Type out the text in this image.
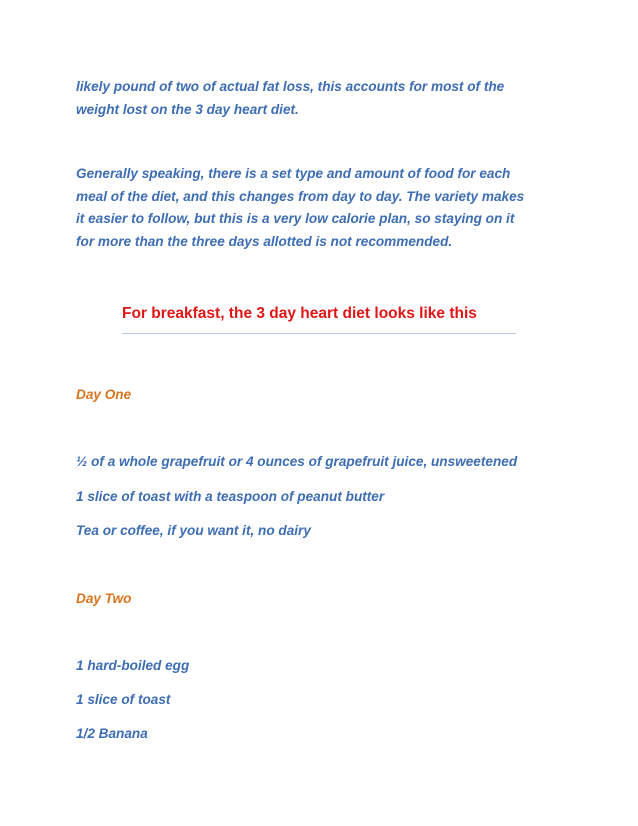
likely pound of two of actual fat loss, this accounts for most of the
weight lost on the 3 day heart diet.

Generally speaking, there is a set type and amount of food for each
meal of the diet, and this changes from day to day. The variety makes
it easier to follow, but this is a very low calorie plan, so staying on it
for more than the three days allotted is not recommended.

For breakfast, the 3 day heart diet looks like this

Day One

½ of a whole grapefruit or 4 ounces of grapefruit juice, unsweetened

1 slice of toast with a teaspoon of peanut butter

Tea or coffee, if you want it, no dairy

Day Two

1 hard-boiled egg

1 slice of toast

1/2 Banana
